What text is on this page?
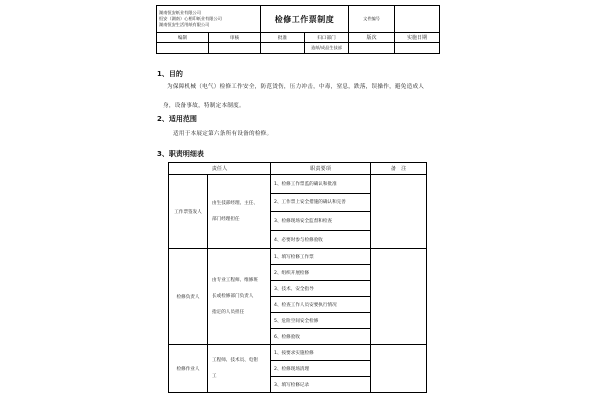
湖南恒安纸业有限公司
恒安（湖南）心相印纸业有限公司
湖南恒安生活用纸有限公司		检修工作票制度		文件编号	
编制	审核	批准	归口部门	版次	实施日期
			造纸/成品生技部		
1、目的
为保障机械（电气）检修工作安全，防范烫伤，压力冲击，中毒，窒息，跌落，误操作，避免造成人身，设备事故，特制定本制度。
2、适用范围
适用于本展定第六条所有设备的检修。
3、职责明细表
责任人		职责要项	备　注
工作票签发人	由生技部经理、主任、
部门经理担任	1、检修工作票监的确认和批准	
		2、工作票上安全措施的确认和完善	
		3、检修现场安全监督和检查	
		4、必要时参与检修验收	
检修负责人	由专业工程师、维修班
长或检修部门负责人
指定的人员担任	1、填写检修工作票	
		2、组织开展检修	
		3、技术、安全指导	
		4、检查工作人员安要执行情况	
		5、危险空间安全检修	
		6、检修验收	
检修作业人	工程师、技术员、电钳
工	1、按要求实施检修	
		2、检修现场清理	
		3、填写检修记录	
